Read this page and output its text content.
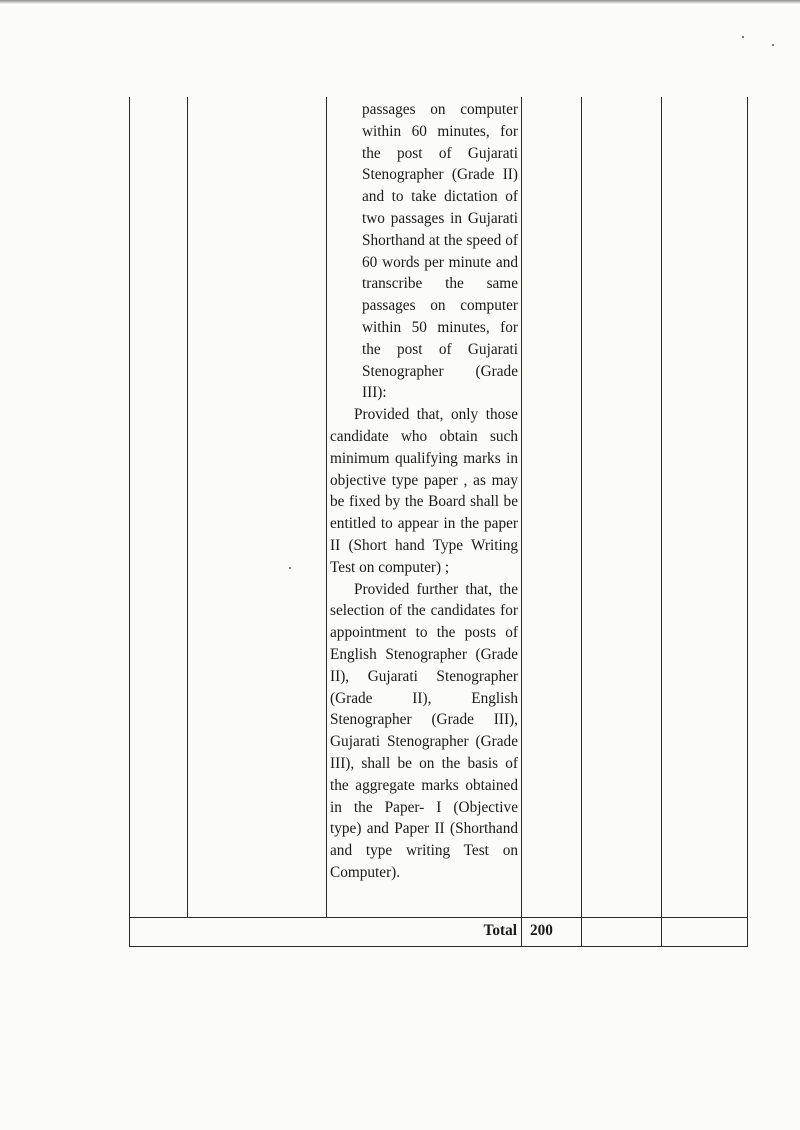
passages on computer within 60 minutes, for the post of Gujarati Stenographer (Grade II) and to take dictation of two passages in Gujarati Shorthand at the speed of 60 words per minute and transcribe the same passages on computer within 50 minutes, for the post of Gujarati Stenographer (Grade III):

Provided that, only those candidate who obtain such minimum qualifying marks in objective type paper , as may be fixed by the Board shall be entitled to appear in the paper II (Short hand Type Writing Test on computer) ;

Provided further that, the selection of the candidates for appointment to the posts of English Stenographer (Grade II), Gujarati Stenographer (Grade II), English Stenographer (Grade III), Gujarati Stenographer (Grade III), shall be on the basis of the aggregate marks obtained in the Paper- I (Objective type) and Paper II (Shorthand and type writing Test on Computer).

Total 200
